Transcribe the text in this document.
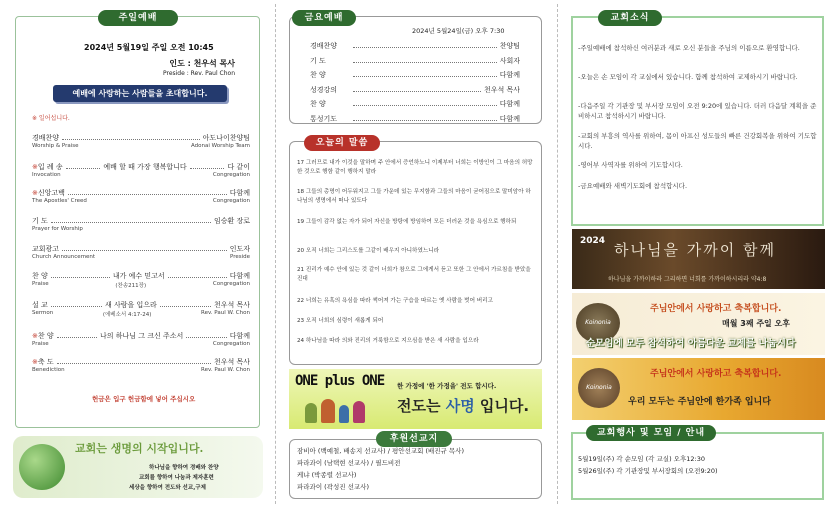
주일예배
2024년 5월19일 주일 오전 10:45
인도 : 천우석 목사
Preside : Rev. Paul Chon
예배에 사랑하는 사람들을 초대합니다.
※ 일어섭니다.
경배찬양	아도나이찬양팀
Worship & Praise	Adonai Worship Team
※입 례 송	예배 할 때 가장 행복합니다	다 같이
Invocation	Congregation
※신앙고백	다함께
The Apostles' Creed	Congregation
기 도	임승환 장로
Prayer for Worship
교회광고	인도자
Church Announcement	Preside
찬 양	내가 예수 믿고서	다함께
Praise	(찬송211장)	Congregation
설 교	새 사람을 입으라	천우석 목사
Sermon	(에베소서 4:17-24)	Rev. Paul W. Chon
※찬 양	나의 하나님 그 크신 주소서	다함께
Praise	Congregation
※축 도	천우석 목사
Benediction	Rev. Paul W. Chon
헌금은 입구 헌금함에 넣어 주십시오
교회는 생명의 시작입니다.
하나님을 향하여 경배와 찬양
교회를 향하여 나눔과 제자훈련
세상을 향하여 전도와 선교,구제
금요예배
2024년 5월24일(금) 오후 7:30
경배찬양	찬양팀
기 도	사회자
찬 양	다함께
성경강의	천우석 목사
찬 양	다함께
통성기도	다함께
오늘의 말씀
17 그러므로 내가 이것을 말하며 주 안에서 증언하노니 이제부터 너희는 이방인이 그 마음의 허망한 것으로 행함 같이 행하지 말라
18 그들의 총명이 어두워지고 그들 가운데 있는 무지함과 그들의 마음이 굳어짐으로 말미암아 하나님의 생명에서 떠나 있도다
19 그들이 감각 없는 자가 되어 자신을 방탕에 방임하여 모든 더러운 것을 욕심으로 행하되
20 오직 너희는 그리스도를 그같이 배우지 아니하였느니라
21 진리가 예수 안에 있는 것 같이 너희가 참으로 그에게서 듣고 또한 그 안에서 가르침을 받았을진대
22 너희는 유혹의 욕심을 따라 썩어져 가는 구습을 따르는 옛 사람을 벗어 버리고
23 오직 너희의 심령이 새롭게 되어
24 하나님을 따라 의와 진리의 거룩함으로 지으심을 받은 새 사람을 입으라
ONE plus ONE 한 가정에 '한 가정을' 전도 합시다.
전도는 사명 입니다.
후원선교지
잠비아 (백예철, 배송지 선교사) / 평안선교회 (배진규 목사)
파라과이 (남택현 선교사) / 필드비전
케냐 (박종렬 선교사)
파라과이 (곽성진 선교사)
교회소식
-주일예배에 참석하신 여러분과 새로 오신 분들을 주님의 이름으로 환영합니다.
-오늘은 손 모임이 각 교실에서 있습니다. 함께 참석하여 교제하시기 바랍니다.
-다음주일 각 기관장 및 부서장 모임이 오전 9:20에 있습니다. 더러 다음달 계획을 준비하시고 참석하시기 바랍니다.
-교회의 부흥의 역사를 위하여, 몸이 아프신 성도들의 빠른 건강회복을 위하여 기도합시다.
-영어부 사역자를 위하여 기도합시다.
-금요예배와 새벽기도회에 참석합시다.
2024 하나님을 가까이 함께
하나님을 가까이하라 그리하면 너희를 가까이하시리라 약4:8
Koinonia
주님안에서 사랑하고 축복합니다.
매월 3째 주일 오후
순모임에 모두 참석하여 아름다운 교제를 나눕시다
Koinonia
주님안에서 사랑하고 축복합니다.
우리 모두는 주님안에 한가족 입니다
교회행사 및 모임 / 안내
5월19일(주) 각 순모임 (각 교실) 오후12:30
5월26일(주) 각 기관장및 부서장회의 (오전9:20)
